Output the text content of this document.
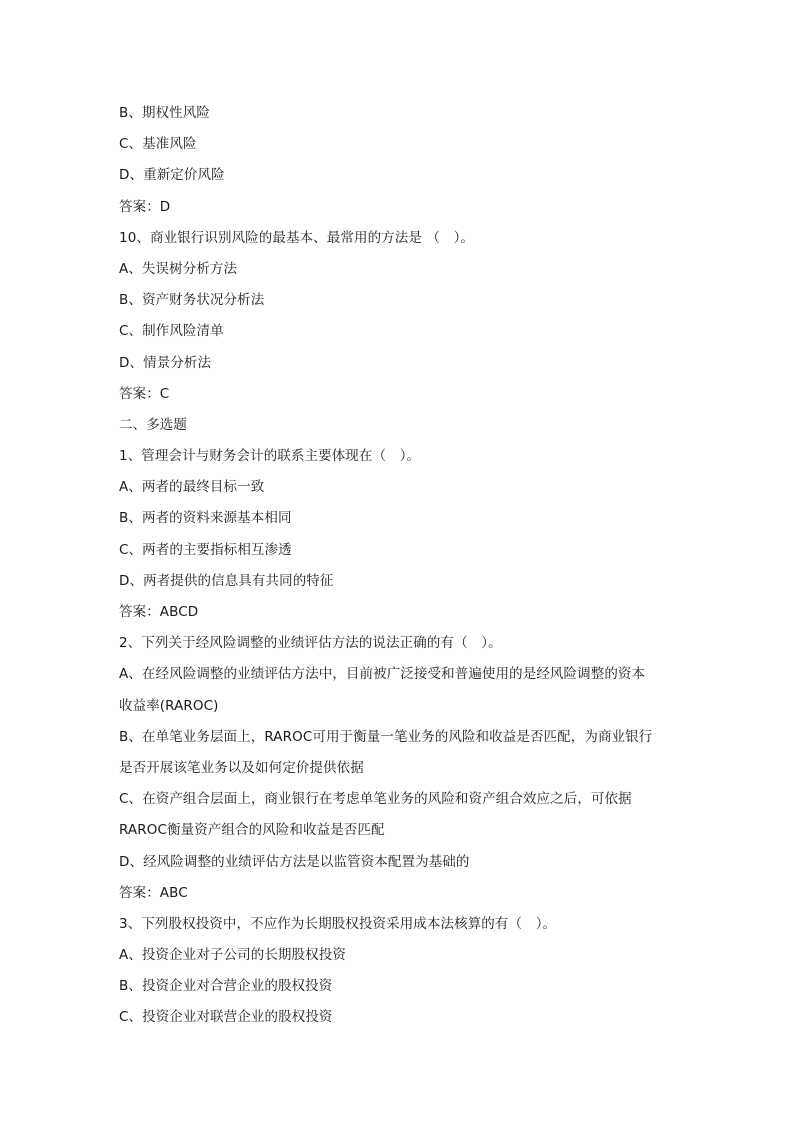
B、期权性风险
C、基准风险
D、重新定价风险
答案：D
10、商业银行识别风险的最基本、最常用的方法是 （　）。
A、失误树分析方法
B、资产财务状况分析法
C、制作风险清单
D、情景分析法
答案：C
二、多选题
1、管理会计与财务会计的联系主要体现在（　）。
A、两者的最终目标一致
B、两者的资料来源基本相同
C、两者的主要指标相互渗透
D、两者提供的信息具有共同的特征
答案：ABCD
2、下列关于经风险调整的业绩评估方法的说法正确的有（　）。
A、在经风险调整的业绩评估方法中，目前被广泛接受和普遍使用的是经风险调整的资本
收益率(RAROC)
B、在单笔业务层面上，RAROC可用于衡量一笔业务的风险和收益是否匹配，为商业银行
是否开展该笔业务以及如何定价提供依据
C、在资产组合层面上，商业银行在考虑单笔业务的风险和资产组合效应之后，可依据
RAROC衡量资产组合的风险和收益是否匹配
D、经风险调整的业绩评估方法是以监管资本配置为基础的
答案：ABC
3、下列股权投资中，不应作为长期股权投资采用成本法核算的有（　）。
A、投资企业对子公司的长期股权投资
B、投资企业对合营企业的股权投资
C、投资企业对联营企业的股权投资
